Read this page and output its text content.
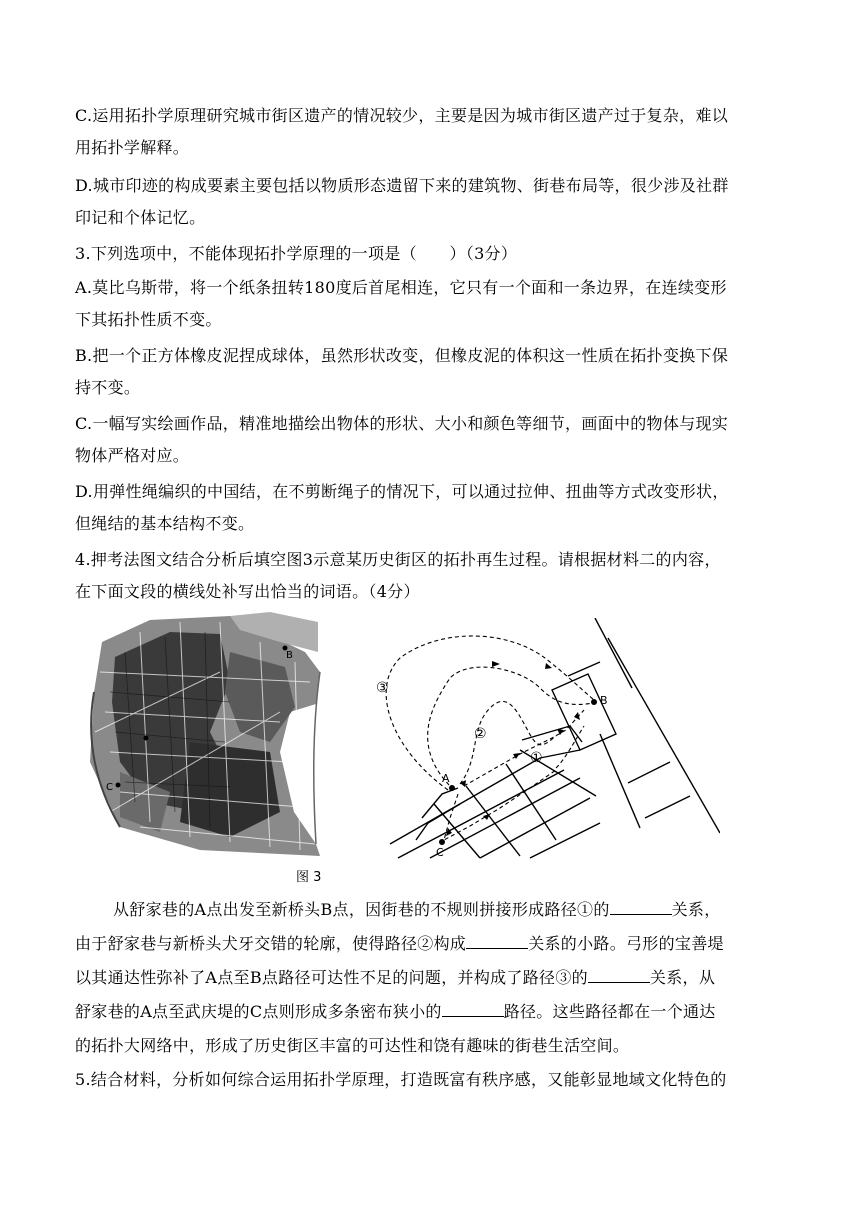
C.运用拓扑学原理研究城市街区遗产的情况较少，主要是因为城市街区遗产过于复杂，难以
用拓扑学解释。
D.城市印迹的构成要素主要包括以物质形态遗留下来的建筑物、街巷布局等，很少涉及社群
印记和个体记忆。
3.下列选项中，不能体现拓扑学原理的一项是（　　）（3分）
A.莫比乌斯带，将一个纸条扭转180度后首尾相连，它只有一个面和一条边界，在连续变形
下其拓扑性质不变。
B.把一个正方体橡皮泥捏成球体，虽然形状改变，但橡皮泥的体积这一性质在拓扑变换下保
持不变。
C.一幅写实绘画作品，精准地描绘出物体的形状、大小和颜色等细节，画面中的物体与现实
物体严格对应。
D.用弹性绳编织的中国结，在不剪断绳子的情况下，可以通过拉伸、扭曲等方式改变形状，
但绳结的基本结构不变。
4.押考法图文结合分析后填空图3示意某历史街区的拓扑再生过程。请根据材料二的内容，
在下面文段的横线处补写出恰当的词语。（4分）
B
C
③
②
①
A
B
C
图 3
从舒家巷的A点出发至新桥头B点，因街巷的不规则拼接形成路径①的	关系，
由于舒家巷与新桥头犬牙交错的轮廓，使得路径②构成	关系的小路。弓形的宝善堤
以其通达性弥补了A点至B点路径可达性不足的问题，并构成了路径③的	关系，从
舒家巷的A点至武庆堤的C点则形成多条密布狭小的	路径。这些路径都在一个通达
的拓扑大网络中，形成了历史街区丰富的可达性和饶有趣味的街巷生活空间。
5.结合材料，分析如何综合运用拓扑学原理，打造既富有秩序感，又能彰显地域文化特色的
